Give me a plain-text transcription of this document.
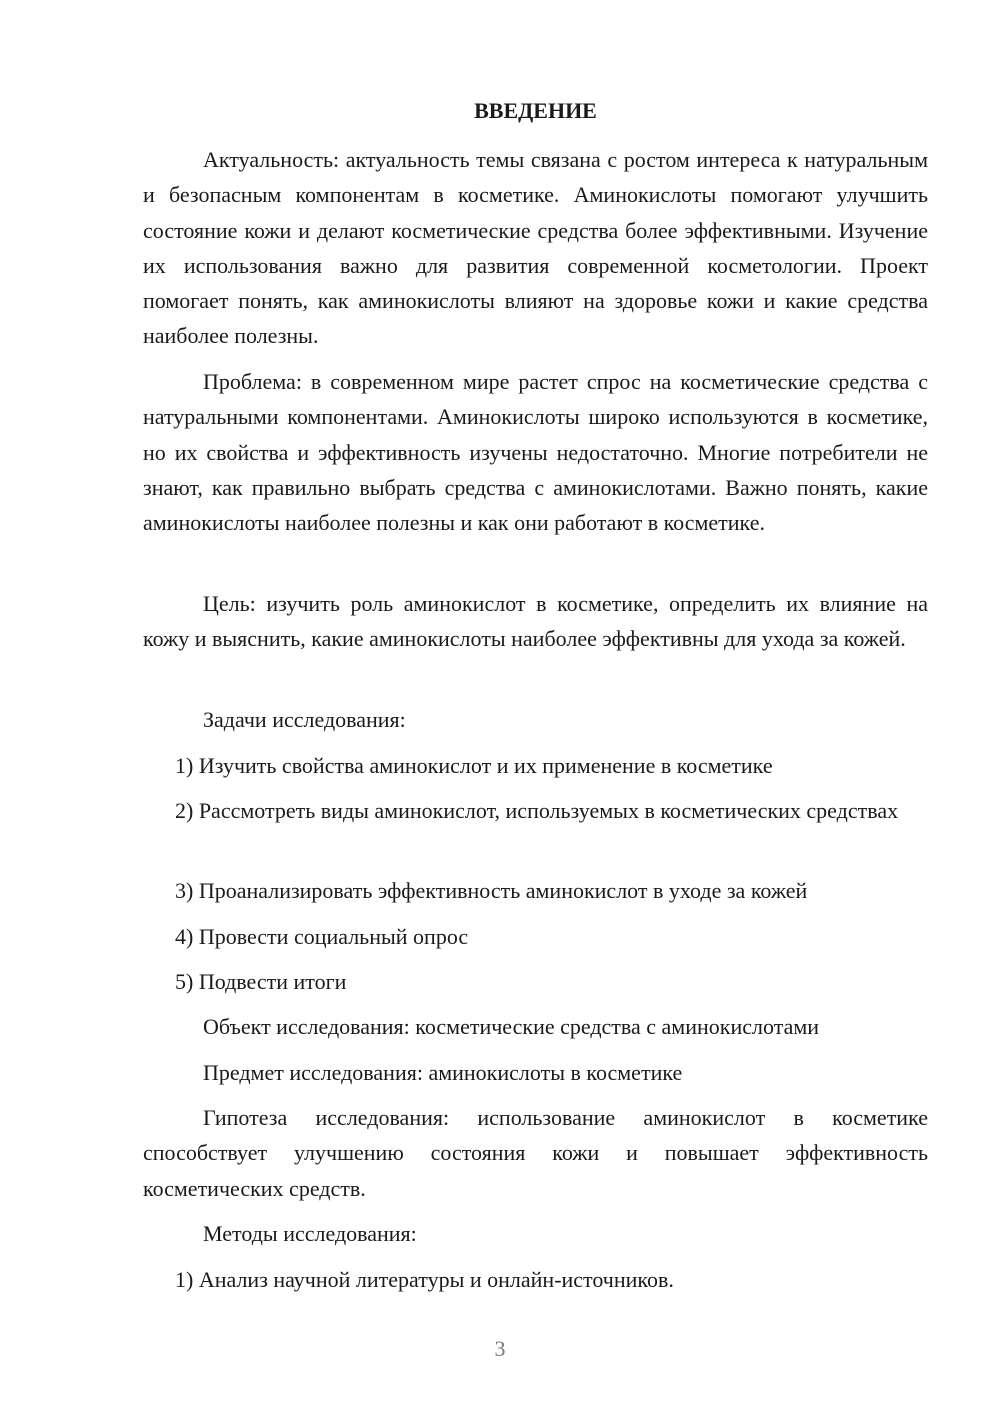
ВВЕДЕНИЕ

Актуальность: актуальность темы связана с ростом интереса к натуральным и безопасным компонентам в косметике. Аминокислоты помогают улучшить состояние кожи и делают косметические средства более эффективными. Изучение их использования важно для развития современной косметологии. Проект помогает понять, как аминокислоты влияют на здоровье кожи и какие средства наиболее полезны.

Проблема: в современном мире растет спрос на косметические средства с натуральными компонентами. Аминокислоты широко используются в косметике, но их свойства и эффективность изучены недостаточно. Многие потребители не знают, как правильно выбрать средства с аминокислотами. Важно понять, какие аминокислоты наиболее полезны и как они работают в косметике.

Цель: изучить роль аминокислот в косметике, определить их влияние на кожу и выяснить, какие аминокислоты наиболее эффективны для ухода за кожей.

Задачи исследования:

1) Изучить свойства аминокислот и их применение в косметике

2) Рассмотреть виды аминокислот, используемых в косметических средствах

3) Проанализировать эффективность аминокислот в уходе за кожей

4) Провести социальный опрос

5) Подвести итоги

Объект исследования: косметические средства с аминокислотами

Предмет исследования: аминокислоты в косметике

Гипотеза исследования: использование аминокислот в косметике способствует улучшению состояния кожи и повышает эффективность косметических средств.

Методы исследования:

1) Анализ научной литературы и онлайн-источников.

3
